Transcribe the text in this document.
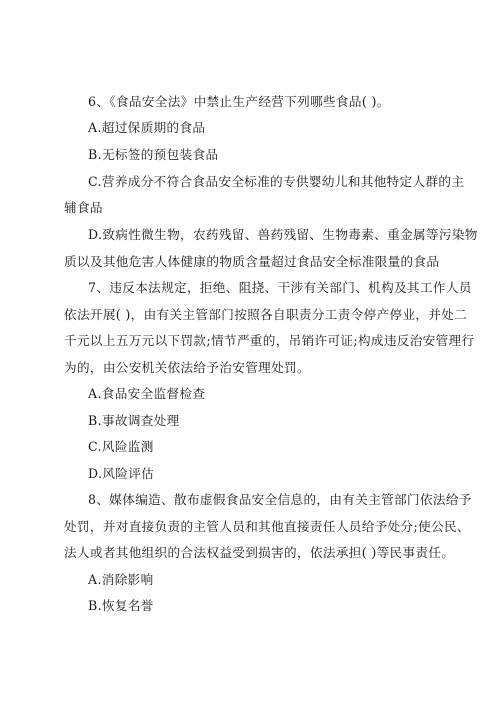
6、《食品安全法》中禁止生产经营下列哪些食品( )。
A.超过保质期的食品
B.无标签的预包装食品
C.营养成分不符合食品安全标准的专供婴幼儿和其他特定人群的主
辅食品
D.致病性微生物，农药残留、兽药残留、生物毒素、重金属等污染物
质以及其他危害人体健康的物质含量超过食品安全标准限量的食品
7、违反本法规定，拒绝、阻挠、干涉有关部门、机构及其工作人员
依法开展( )，由有关主管部门按照各自职责分工责令停产停业，并处二
千元以上五万元以下罚款;情节严重的，吊销许可证;构成违反治安管理行
为的，由公安机关依法给予治安管理处罚。
A.食品安全监督检查
B.事故调查处理
C.风险监测
D.风险评估
8、媒体编造、散布虚假食品安全信息的，由有关主管部门依法给予
处罚，并对直接负责的主管人员和其他直接责任人员给予处分;使公民、
法人或者其他组织的合法权益受到损害的，依法承担( )等民事责任。
A.消除影响
B.恢复名誉
